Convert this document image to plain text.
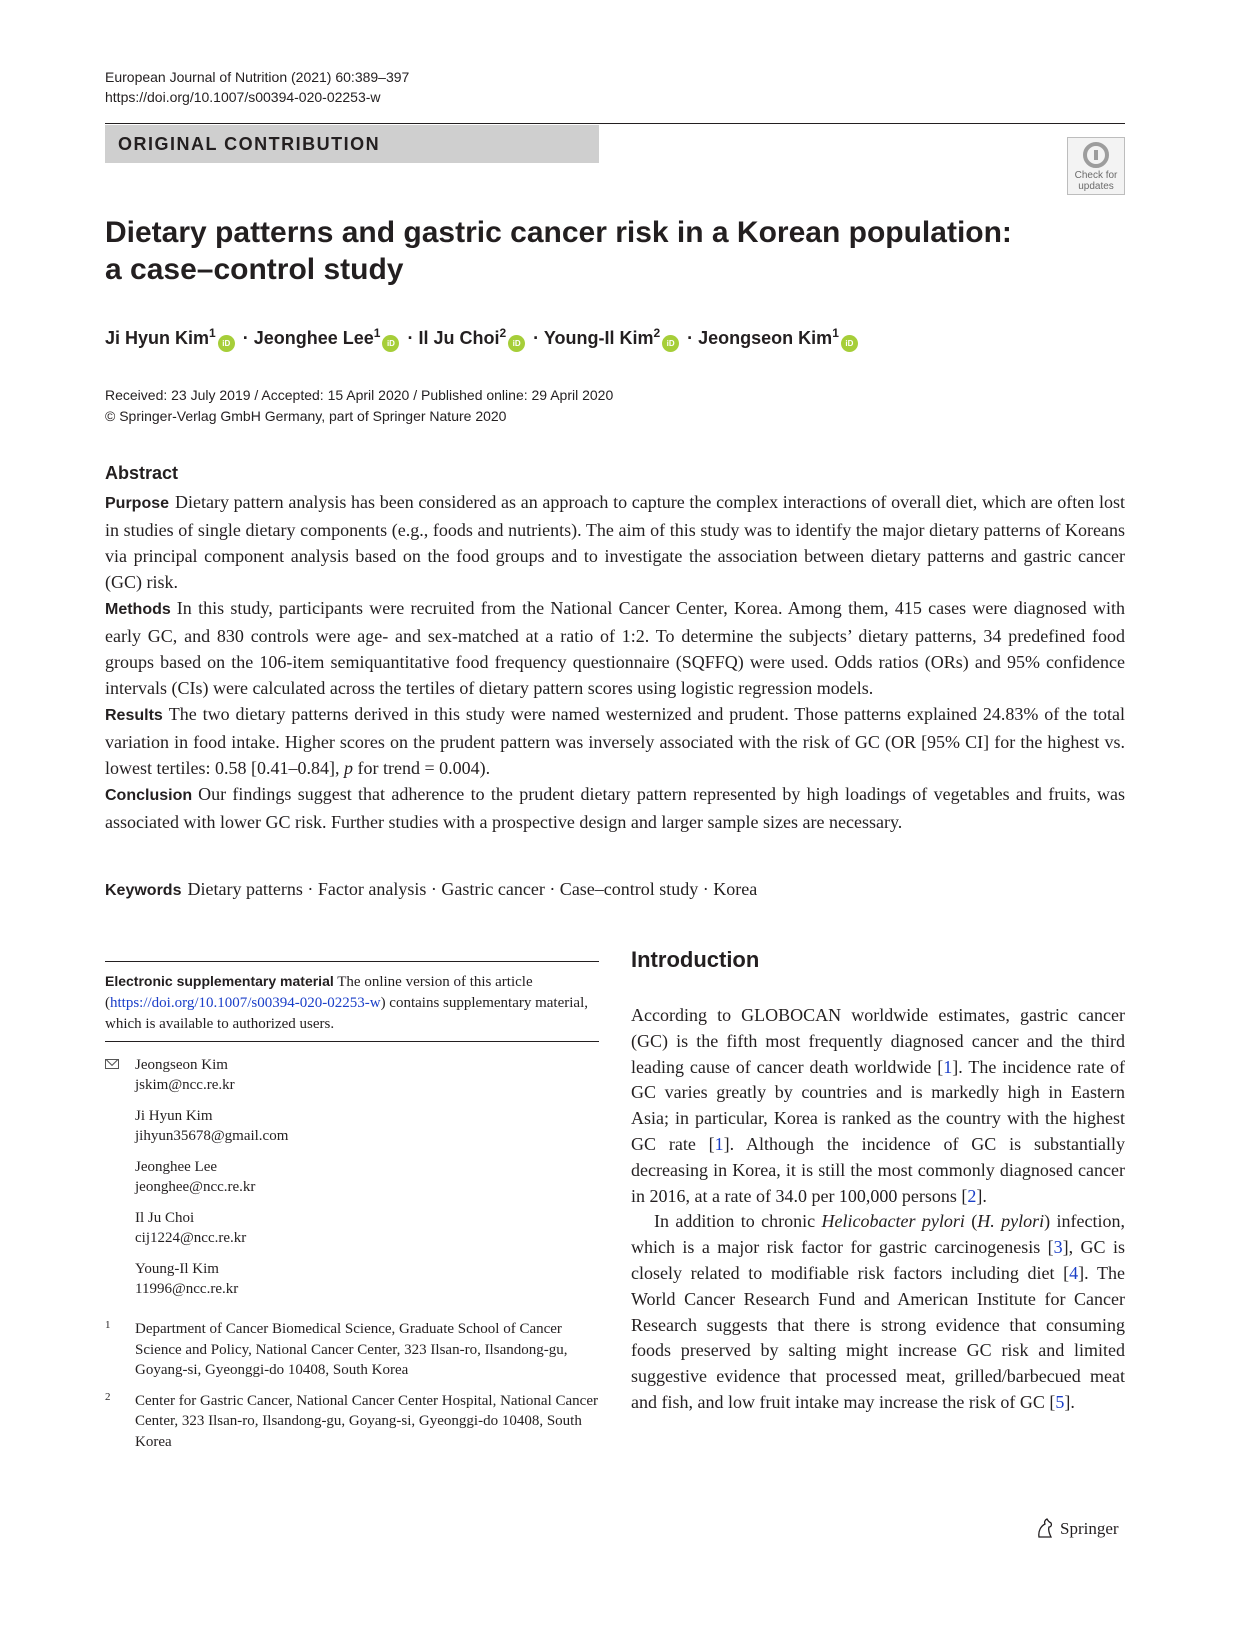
European Journal of Nutrition (2021) 60:389–397
https://doi.org/10.1007/s00394-020-02253-w
ORIGINAL CONTRIBUTION
Check for
updates
Dietary patterns and gastric cancer risk in a Korean population:
a case–control study
Ji Hyun Kim$^1$iD · Jeonghee Lee$^1$iD · Il Ju Choi$^2$iD · Young-Il Kim$^2$iD · Jeongseon Kim$^1$iD
Received: 23 July 2019 / Accepted: 15 April 2020 / Published online: 29 April 2020
© Springer-Verlag GmbH Germany, part of Springer Nature 2020
Abstract

Purpose Dietary pattern analysis has been considered as an approach to capture the complex interactions of overall diet, which are often lost in studies of single dietary components (e.g., foods and nutrients). The aim of this study was to identify the major dietary patterns of Koreans via principal component analysis based on the food groups and to investigate the association between dietary patterns and gastric cancer (GC) risk.

Methods In this study, participants were recruited from the National Cancer Center, Korea. Among them, 415 cases were diagnosed with early GC, and 830 controls were age- and sex-matched at a ratio of 1:2. To determine the subjects’ dietary patterns, 34 predefined food groups based on the 106-item semiquantitative food frequency questionnaire (SQFFQ) were used. Odds ratios (ORs) and 95% confidence intervals (CIs) were calculated across the tertiles of dietary pattern scores using logistic regression models.

Results The two dietary patterns derived in this study were named westernized and prudent. Those patterns explained 24.83% of the total variation in food intake. Higher scores on the prudent pattern was inversely associated with the risk of GC (OR [95% CI] for the highest vs. lowest tertiles: 0.58 [0.41–0.84], p for trend = 0.004).

Conclusion Our findings suggest that adherence to the prudent dietary pattern represented by high loadings of vegetables and fruits, was associated with lower GC risk. Further studies with a prospective design and larger sample sizes are necessary.

Keywords Dietary patterns · Factor analysis · Gastric cancer · Case–control study · Korea
Electronic supplementary material The online version of this article (https://doi.org/10.1007/s00394-020-02253-w) contains supplementary material, which is available to authorized users.
Jeongseon Kim
jskim@ncc.re.kr
Ji Hyun Kim
jihyun35678@gmail.com
Jeonghee Lee
jeonghee@ncc.re.kr
Il Ju Choi
cij1224@ncc.re.kr
Young-Il Kim
11996@ncc.re.kr
1 Department of Cancer Biomedical Science, Graduate School of Cancer Science and Policy, National Cancer Center, 323 Ilsan-ro, Ilsandong-gu, Goyang-si, Gyeonggi-do 10408, South Korea
2 Center for Gastric Cancer, National Cancer Center Hospital, National Cancer Center, 323 Ilsan-ro, Ilsandong-gu, Goyang-si, Gyeonggi-do 10408, South Korea
Introduction

According to GLOBOCAN worldwide estimates, gastric cancer (GC) is the fifth most frequently diagnosed cancer and the third leading cause of cancer death worldwide [1]. The incidence rate of GC varies greatly by countries and is markedly high in Eastern Asia; in particular, Korea is ranked as the country with the highest GC rate [1]. Although the incidence of GC is substantially decreasing in Korea, it is still the most commonly diagnosed cancer in 2016, at a rate of 34.0 per 100,000 persons [2].

In addition to chronic Helicobacter pylori (H. pylori) infection, which is a major risk factor for gastric carcinogenesis [3], GC is closely related to modifiable risk factors including diet [4]. The World Cancer Research Fund and American Institute for Cancer Research suggests that there is strong evidence that consuming foods preserved by salting might increase GC risk and limited suggestive evidence that processed meat, grilled/barbecued meat and fish, and low fruit intake may increase the risk of GC [5].

Springer
